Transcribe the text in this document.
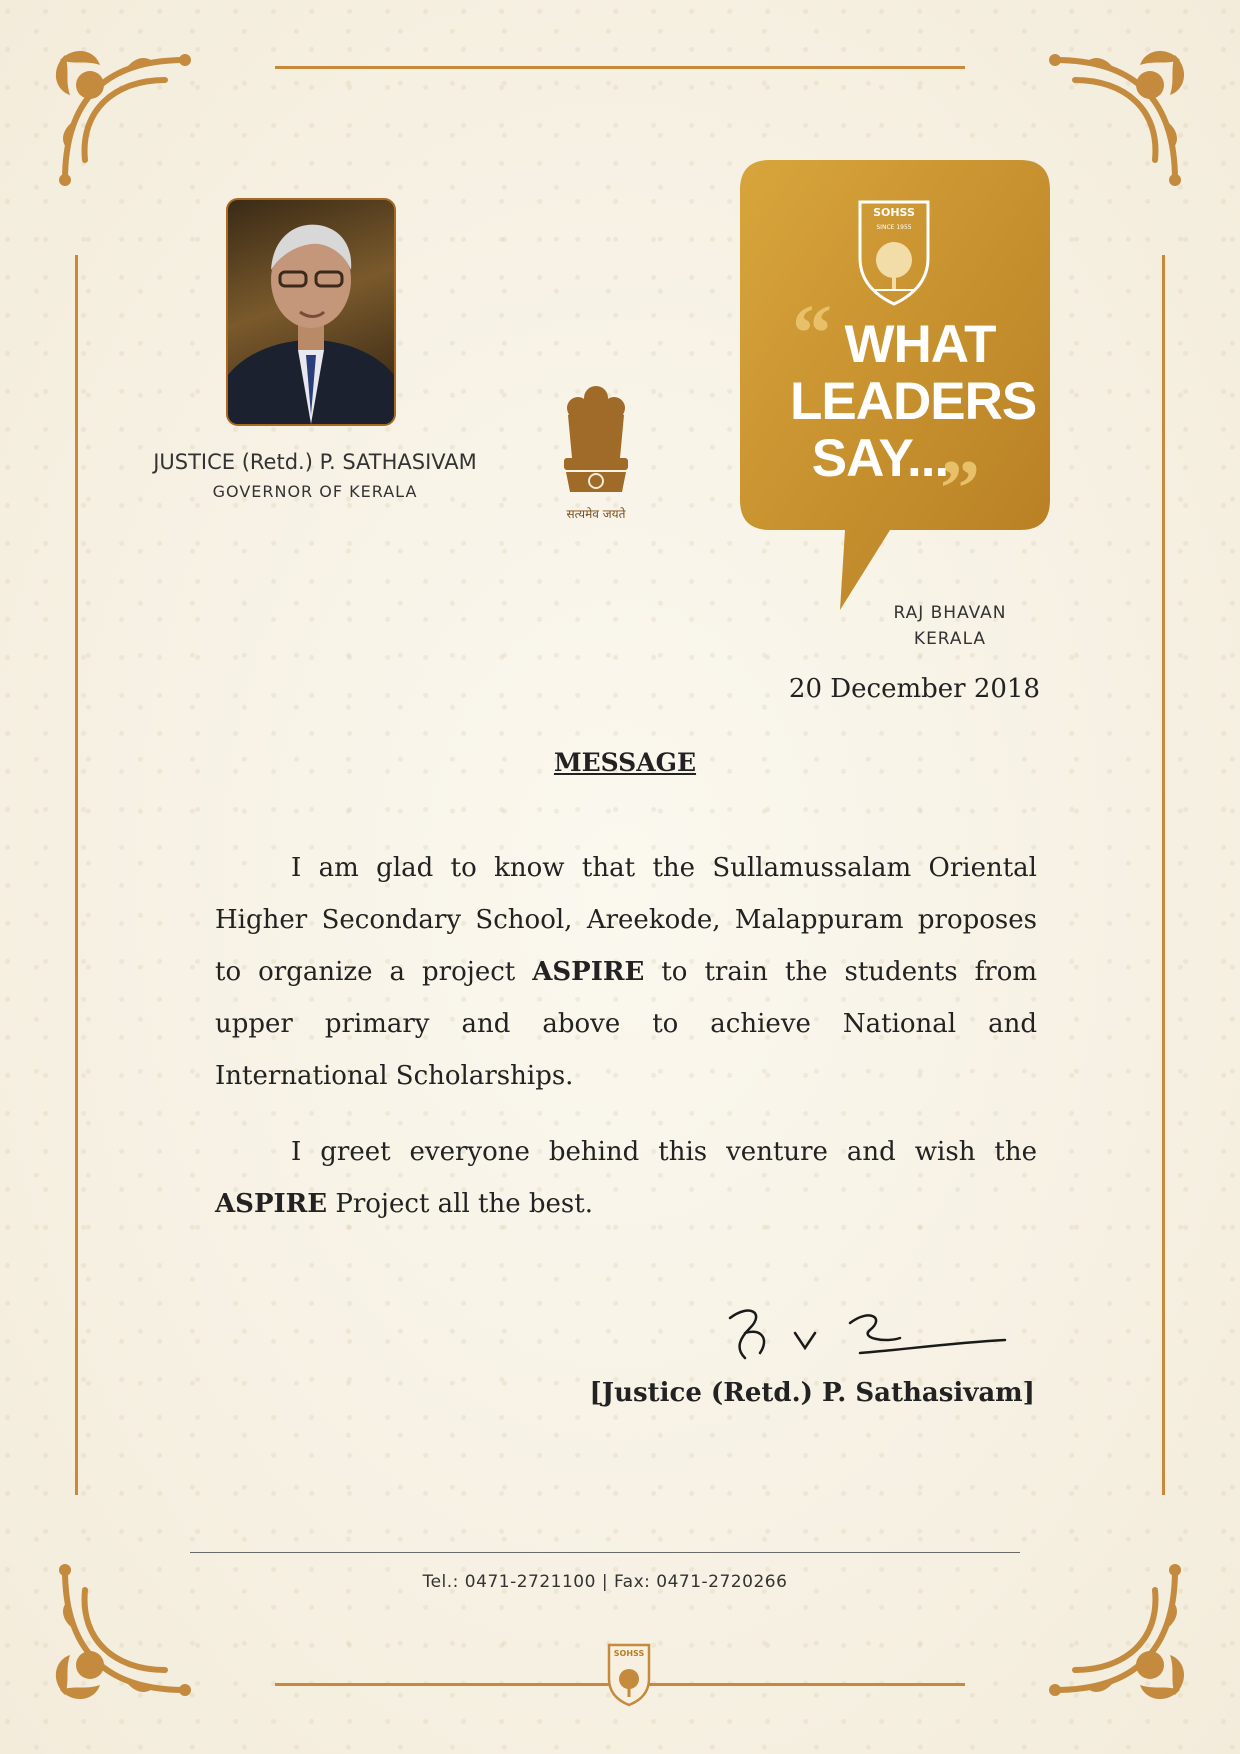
JUSTICE (Retd.) P. SATHASIVAM
GOVERNOR OF KERALA
सत्यमेव जयते
“
”
SOHSS
SINCE 1955
WHAT
LEADERS
SAY...
RAJ BHAVAN
KERALA
20 December 2018
MESSAGE
I am glad to know that the Sullamussalam Oriental Higher Secondary School, Areekode, Malappuram proposes to organize a project ASPIRE to train the students from upper primary and above to achieve National and International Scholarships.
I greet everyone behind this venture and wish the ASPIRE Project all the best.
[Justice (Retd.) P. Sathasivam]
Tel.: 0471-2721100 | Fax: 0471-2720266
SOHSS
